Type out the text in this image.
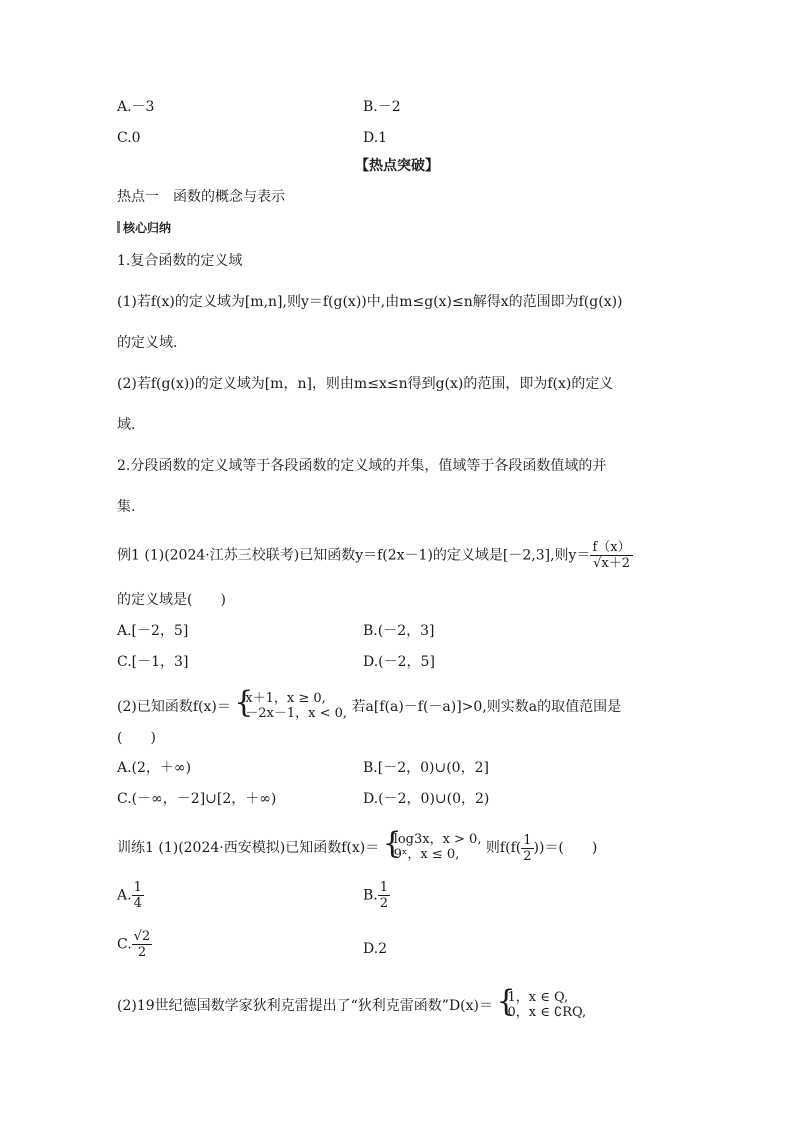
A.－3	B.－2
C.0	D.1
【热点突破】
热点一　函数的概念与表示
核心归纳
1.复合函数的定义域
(1)若f(x)的定义域为[m,n],则y＝f(g(x))中,由m≤g(x)≤n解得x的范围即为f(g(x))
的定义域.
(2)若f(g(x))的定义域为[m，n]，则由m≤x≤n得到g(x)的范围，即为f(x)的定义
域.
2.分段函数的定义域等于各段函数的定义域的并集，值域等于各段函数值域的并
集.
例1 (1)(2024·江苏三校联考)已知函数y＝f(2x－1)的定义域是[－2,3],则$y= \frac{f(x)}{√x+2}$
的定义域是(　　)
A.[－2，5]	B.(－2，3]
C.[－1，3]	D.(－2，5]
(2)已知函数f(x)＝ {
x＋1，x ≥ 0,
－2x－1，x < 0, 若a[f(a)－f(－a)]>0,则实数a的取值范围是
(　　)
A.(2，＋∞)	B.[－2，0)∪(0，2]
C.(－∞，－2]∪[2，＋∞)	D.(－2，0)∪(0，2)
训练1 (1)(2024·西安模拟)已知函数f(x)＝ {
log3x，x > 0,
9ˣ，x ≤ 0,	则$f(f( \frac{1}{2}$ ))＝(　　)
A. $\frac{1}{4}$	B. $\frac{1}{2}$
C. $\frac{√2}{2}$	D.2
(2)19世纪德国数学家狄利克雷提出了“狄利克雷函数”D(x)＝ {
1，x ∈ Q,
0，x ∈ ∁RQ,
